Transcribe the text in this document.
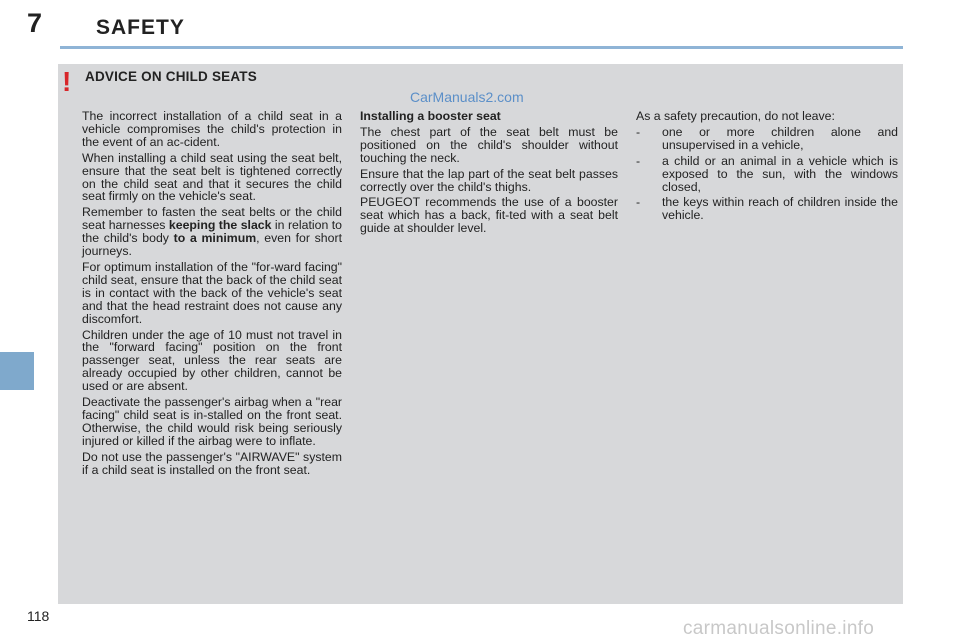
7	SAFETY
! ADVICE ON CHILD SEATS
CarManuals2.com

The incorrect installation of a child seat in a vehicle compromises the child's protection in the event of an ac-cident.

When installing a child seat using the seat belt, ensure that the seat belt is tightened correctly on the child seat and that it secures the child seat firmly on the vehicle's seat.

Remember to fasten the seat belts or the child seat harnesses keeping the slack in relation to the child's body to a minimum, even for short journeys.

For optimum installation of the "for-ward facing" child seat, ensure that the back of the child seat is in contact with the back of the vehicle's seat and that the head restraint does not cause any discomfort.

Children under the age of 10 must not travel in the "forward facing" position on the front passenger seat, unless the rear seats are already occupied by other children, cannot be used or are absent.

Deactivate the passenger's airbag when a "rear facing" child seat is in-stalled on the front seat. Otherwise, the child would risk being seriously injured or killed if the airbag were to inflate.

Do not use the passenger's "AIRWAVE" system if a child seat is installed on the front seat.

Installing a booster seat

The chest part of the seat belt must be positioned on the child's shoulder without touching the neck.

Ensure that the lap part of the seat belt passes correctly over the child's thighs.

PEUGEOT recommends the use of a booster seat which has a back, fit-ted with a seat belt guide at shoulder level.

As a safety precaution, do not leave:

-	one or more children alone and unsupervised in a vehicle,
-	a child or an animal in a vehicle which is exposed to the sun, with the windows closed,
-	the keys within reach of children inside the vehicle.
118
carmanualsonline.info
